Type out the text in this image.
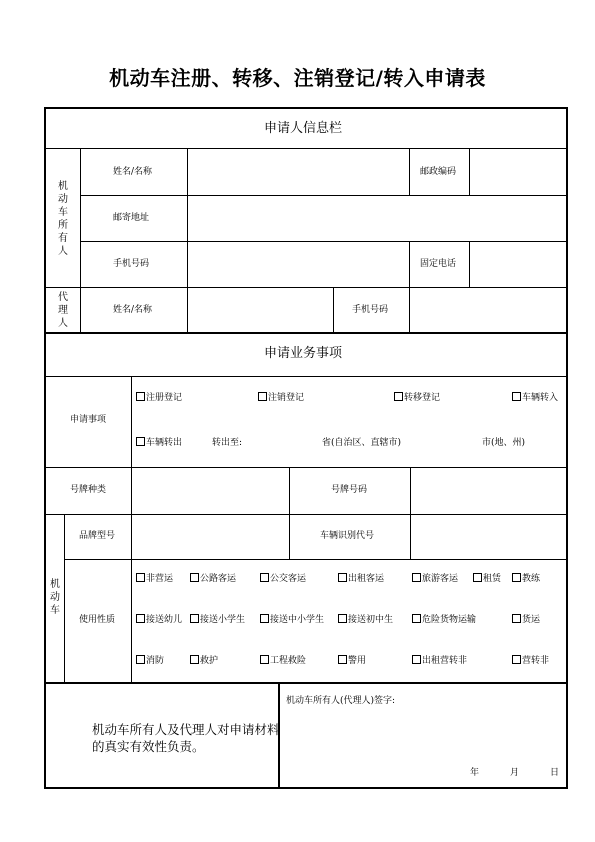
机动车注册、转移、注销登记/转入申请表
申请人信息栏
机动车所有人
姓名/名称	邮政编码
邮寄地址
手机号码	固定电话
代理人
姓名/名称	手机号码
申请业务事项
申请事项
注册登记	注销登记	转移登记	车辆转入
车辆转出	转出至:	省(自治区、直辖市)	市(地、州)
号牌种类	号牌号码
机动车
品牌型号	车辆识别代号
使用性质
非营运	公路客运	公交客运	出租客运	旅游客运	租赁	教练
接送幼儿	接送小学生	接送中小学生	接送初中生	危险货物运输	货运
消防	救护	工程救险	警用	出租营转非	营转非
机动车所有人及代理人对申请材料的真实有效性负责。
机动车所有人(代理人)签字:
年	月	日
